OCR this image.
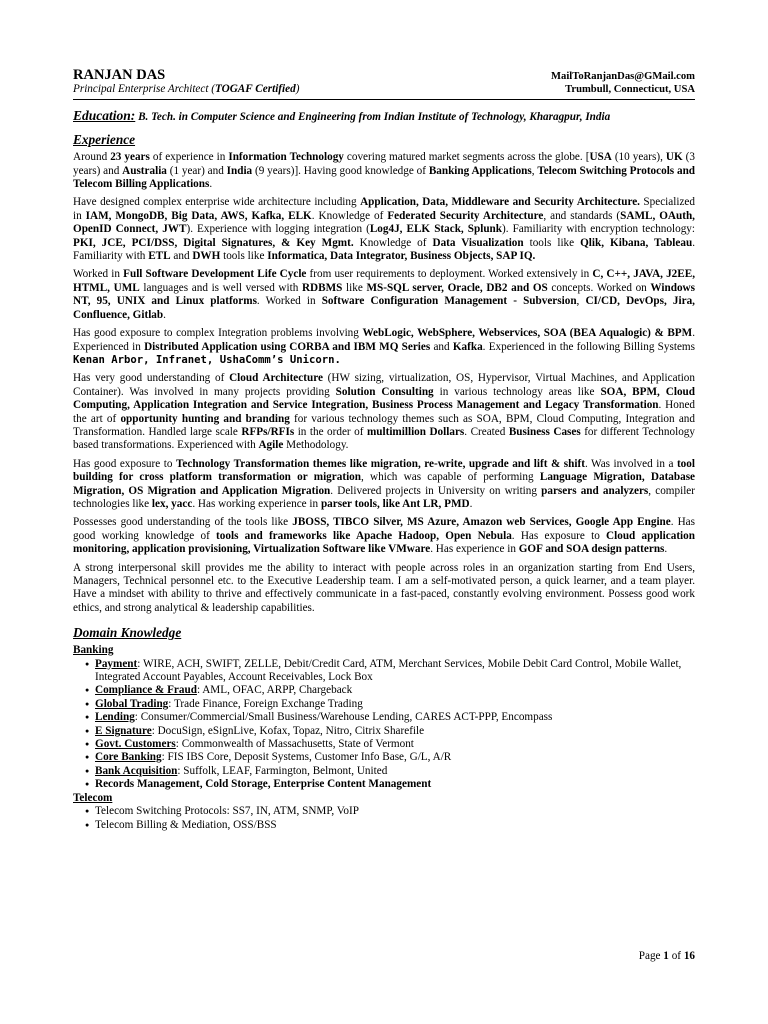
RANJAN DAS	MailToRanjanDas@GMail.com
Principal Enterprise Architect (TOGAF Certified)	Trumbull, Connecticut, USA
Education: B. Tech. in Computer Science and Engineering from Indian Institute of Technology, Kharagpur, India
Experience

Around 23 years of experience in Information Technology covering matured market segments across the globe. [USA (10 years), UK (3 years) and Australia (1 year) and India (9 years)]. Having good knowledge of Banking Applications, Telecom Switching Protocols and Telecom Billing Applications.

Have designed complex enterprise wide architecture including Application, Data, Middleware and Security Architecture. Specialized in IAM, MongoDB, Big Data, AWS, Kafka, ELK. Knowledge of Federated Security Architecture, and standards (SAML, OAuth, OpenID Connect, JWT). Experience with logging integration (Log4J, ELK Stack, Splunk). Familiarity with encryption technology: PKI, JCE, PCI/DSS, Digital Signatures, & Key Mgmt. Knowledge of Data Visualization tools like Qlik, Kibana, Tableau. Familiarity with ETL and DWH tools like Informatica, Data Integrator, Business Objects, SAP IQ.

Worked in Full Software Development Life Cycle from user requirements to deployment. Worked extensively in C, C++, JAVA, J2EE, HTML, UML languages and is well versed with RDBMS like MS-SQL server, Oracle, DB2 and OS concepts. Worked on Windows NT, 95, UNIX and Linux platforms. Worked in Software Configuration Management - Subversion, CI/CD, DevOps, Jira, Confluence, Gitlab.

Has good exposure to complex Integration problems involving WebLogic, WebSphere, Webservices, SOA (BEA Aqualogic) & BPM. Experienced in Distributed Application using CORBA and IBM MQ Series and Kafka. Experienced in the following Billing Systems Kenan Arbor, Infranet, UshaComm’s Unicorn.

Has very good understanding of Cloud Architecture (HW sizing, virtualization, OS, Hypervisor, Virtual Machines, and Application Container). Was involved in many projects providing Solution Consulting in various technology areas like SOA, BPM, Cloud Computing, Application Integration and Service Integration, Business Process Management and Legacy Transformation. Honed the art of opportunity hunting and branding for various technology themes such as SOA, BPM, Cloud Computing, Integration and Transformation. Handled large scale RFPs/RFIs in the order of multimillion Dollars. Created Business Cases for different Technology based transformations. Experienced with Agile Methodology.

Has good exposure to Technology Transformation themes like migration, re-write, upgrade and lift & shift. Was involved in a tool building for cross platform transformation or migration, which was capable of performing Language Migration, Database Migration, OS Migration and Application Migration. Delivered projects in University on writing parsers and analyzers, compiler technologies like lex, yacc. Has working experience in parser tools, like Ant LR, PMD.

Possesses good understanding of the tools like JBOSS, TIBCO Silver, MS Azure, Amazon web Services, Google App Engine. Has good working knowledge of tools and frameworks like Apache Hadoop, Open Nebula. Has exposure to Cloud application monitoring, application provisioning, Virtualization Software like VMware. Has experience in GOF and SOA design patterns.

A strong interpersonal skill provides me the ability to interact with people across roles in an organization starting from End Users, Managers, Technical personnel etc. to the Executive Leadership team. I am a self-motivated person, a quick learner, and a team player. Have a mindset with ability to thrive and effectively communicate in a fast-paced, constantly evolving environment. Possess good work ethics, and strong analytical & leadership capabilities.

Domain Knowledge
Banking
● Payment: WIRE, ACH, SWIFT, ZELLE, Debit/Credit Card, ATM, Merchant Services, Mobile Debit Card Control, Mobile Wallet, Integrated Account Payables, Account Receivables, Lock Box
● Compliance & Fraud: AML, OFAC, ARPP, Chargeback
● Global Trading: Trade Finance, Foreign Exchange Trading
● Lending: Consumer/Commercial/Small Business/Warehouse Lending, CARES ACT-PPP, Encompass
● E Signature: DocuSign, eSignLive, Kofax, Topaz, Nitro, Citrix Sharefile
● Govt. Customers: Commonwealth of Massachusetts, State of Vermont
● Core Banking: FIS IBS Core, Deposit Systems, Customer Info Base, G/L, A/R
● Bank Acquisition: Suffolk, LEAF, Farmington, Belmont, United
● Records Management, Cold Storage, Enterprise Content Management
Telecom
● Telecom Switching Protocols: SS7, IN, ATM, SNMP, VoIP
● Telecom Billing & Mediation, OSS/BSS
Page 1 of 16
